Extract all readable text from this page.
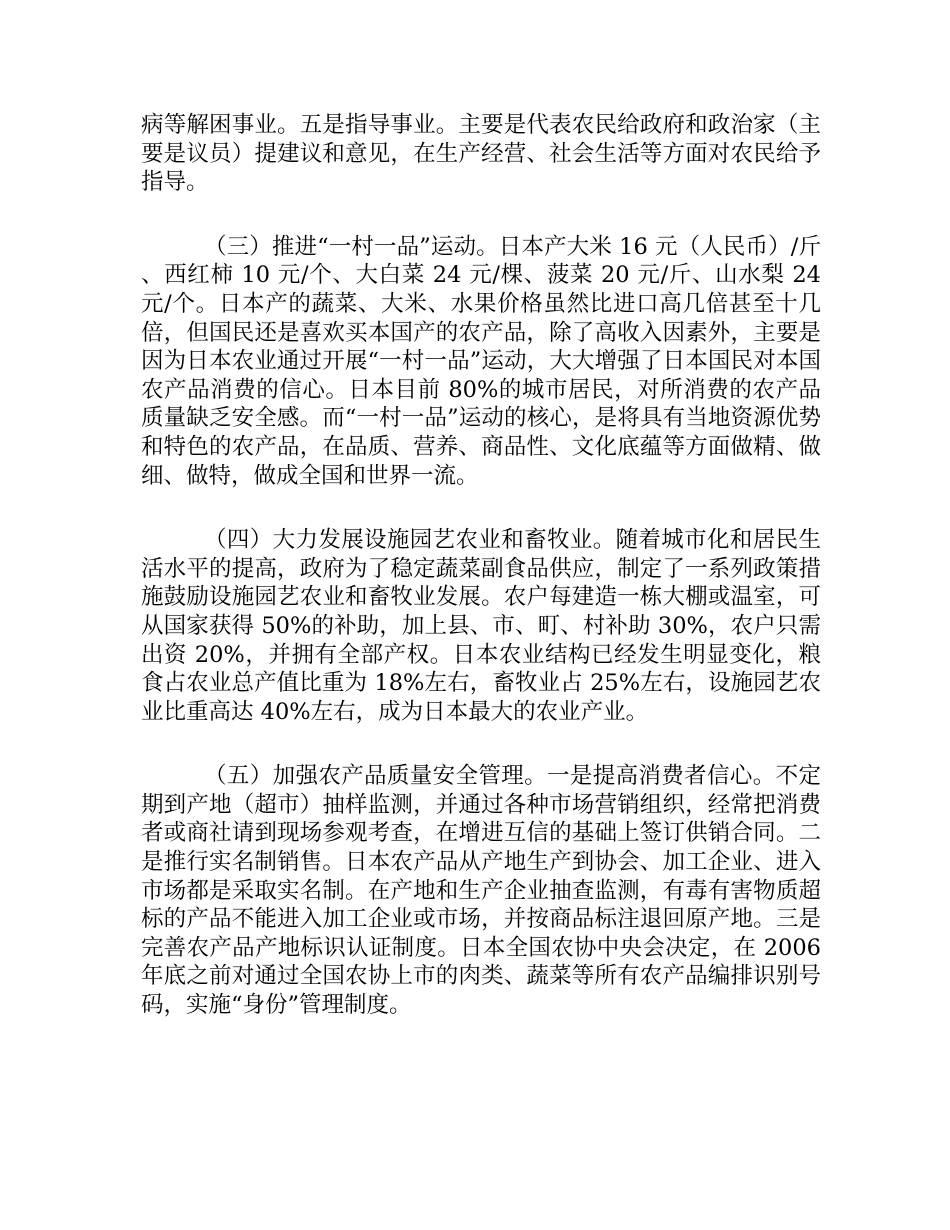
病等解困事业。五是指导事业。主要是代表农民给政府和政治家（主要是议员）提建议和意见，在生产经营、社会生活等方面对农民给予指导。

（三）推进“一村一品”运动。日本产大米 16 元（人民币）/斤、西红柿 10 元/个、大白菜 24 元/棵、菠菜 20 元/斤、山水梨 24 元/个。日本产的蔬菜、大米、水果价格虽然比进口高几倍甚至十几倍，但国民还是喜欢买本国产的农产品，除了高收入因素外，主要是因为日本农业通过开展“一村一品”运动，大大增强了日本国民对本国农产品消费的信心。日本目前 80%的城市居民，对所消费的农产品质量缺乏安全感。而“一村一品”运动的核心，是将具有当地资源优势和特色的农产品，在品质、营养、商品性、文化底蕴等方面做精、做细、做特，做成全国和世界一流。

（四）大力发展设施园艺农业和畜牧业。随着城市化和居民生活水平的提高，政府为了稳定蔬菜副食品供应，制定了一系列政策措施鼓励设施园艺农业和畜牧业发展。农户每建造一栋大棚或温室，可从国家获得 50%的补助，加上县、市、町、村补助 30%，农户只需出资 20%，并拥有全部产权。日本农业结构已经发生明显变化，粮食占农业总产值比重为 18%左右，畜牧业占 25%左右，设施园艺农业比重高达 40%左右，成为日本最大的农业产业。

（五）加强农产品质量安全管理。一是提高消费者信心。不定期到产地（超市）抽样监测，并通过各种市场营销组织，经常把消费者或商社请到现场参观考查，在增进互信的基础上签订供销合同。二是推行实名制销售。日本农产品从产地生产到协会、加工企业、进入市场都是采取实名制。在产地和生产企业抽查监测，有毒有害物质超标的产品不能进入加工企业或市场，并按商品标注退回原产地。三是完善农产品产地标识认证制度。日本全国农协中央会决定，在 2006 年底之前对通过全国农协上市的肉类、蔬菜等所有农产品编排识别号码，实施“身份”管理制度。
